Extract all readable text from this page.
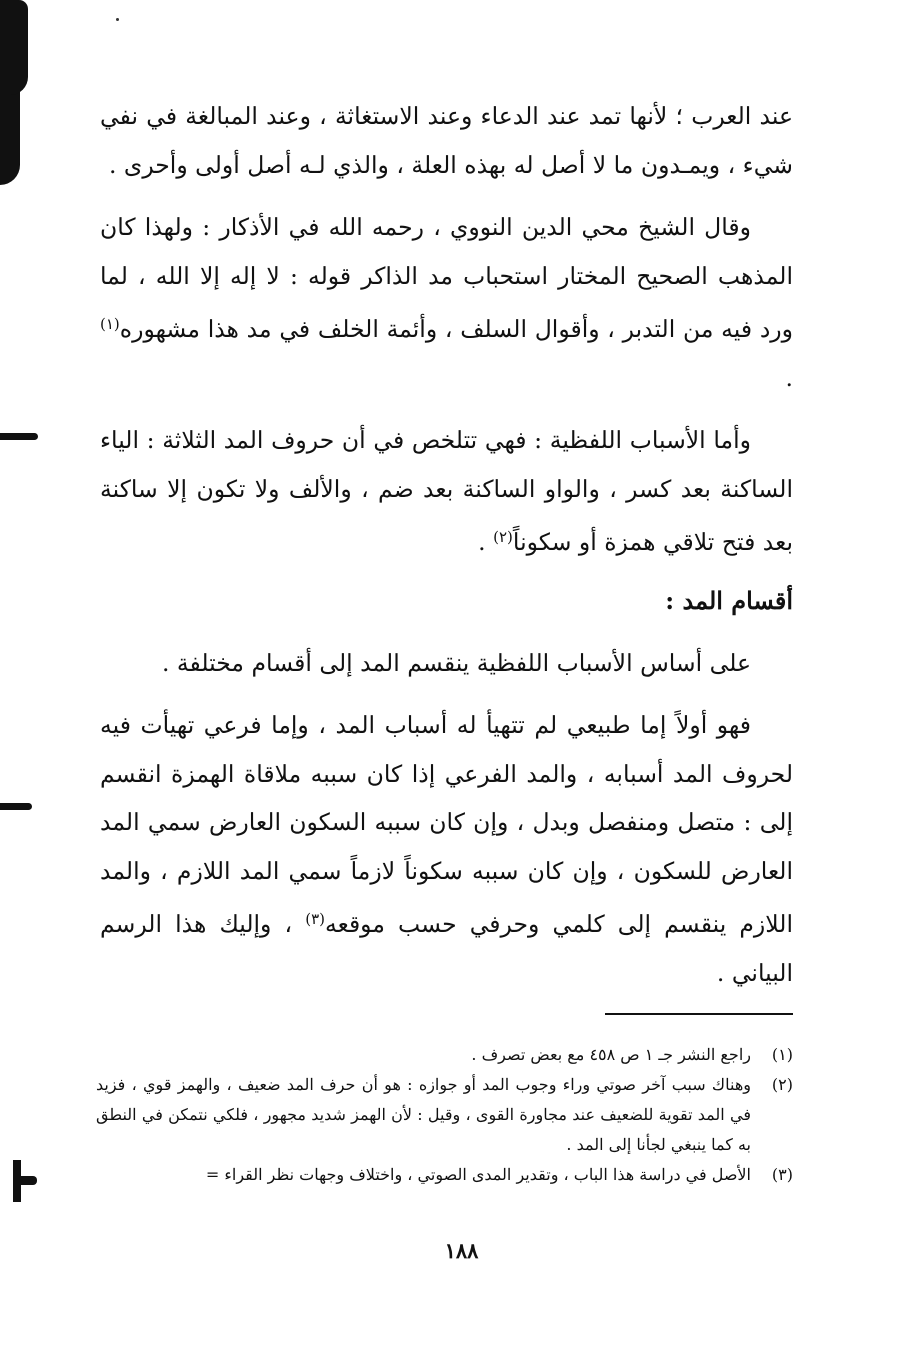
عند العرب ؛ لأنها تمد عند الدعاء وعند الاستغاثة ، وعند المبالغة في نفي شيء ، ويمـدون ما لا أصل له بهذه العلة ، والذي لـه أصل أولى وأحرى .

وقال الشيخ محي الدين النووي ، رحمه الله في الأذكار : ولهذا كان المذهب الصحيح المختار استحباب مد الذاكر قوله : لا إله إلا الله ، لما ورد فيه من التدبر ، وأقوال السلف ، وأئمة الخلف في مد هذا مشهوره$^{(١)}$ .

وأما الأسباب اللفظية : فهي تتلخص في أن حروف المد الثلاثة : الياء الساكنة بعد كسر ، والواو الساكنة بعد ضم ، والألف ولا تكون إلا ساكنة بعد فتح تلاقي همزة أو سكوناً$^{(٢)}$ .

أقسام المد :

على أساس الأسباب اللفظية ينقسم المد إلى أقسام مختلفة .

فهو أولاً إما طبيعي لم تتهيأ له أسباب المد ، وإما فرعي تهيأت فيه لحروف المد أسبابه ، والمد الفرعي إذا كان سببه ملاقاة الهمزة انقسم إلى : متصل ومنفصل وبدل ، وإن كان سببه السكون العارض سمي المد العارض للسكون ، وإن كان سببه سكوناً لازماً سمي المد اللازم ، والمد اللازم ينقسم إلى كلمي وحرفي حسب موقعه$^{(٣)}$ ، وإليك هذا الرسم البياني .

(١)
راجع النشر جـ ١ ص ٤٥٨ مع بعض تصرف .
(٢)
وهناك سبب آخر صوتي وراء وجوب المد أو جوازه : هو أن حرف المد ضعيف ، والهمز قوي ، فزيد في المد تقوية للضعيف عند مجاورة القوى ، وقيل : لأن الهمز شديد مجهور ، فلكي نتمكن في النطق به كما ينبغي لجأنا إلى المد .
(٣)
الأصل في دراسة هذا الباب ، وتقدير المدى الصوتي ، واختلاف وجهات نظر القراء =
١٨٨
